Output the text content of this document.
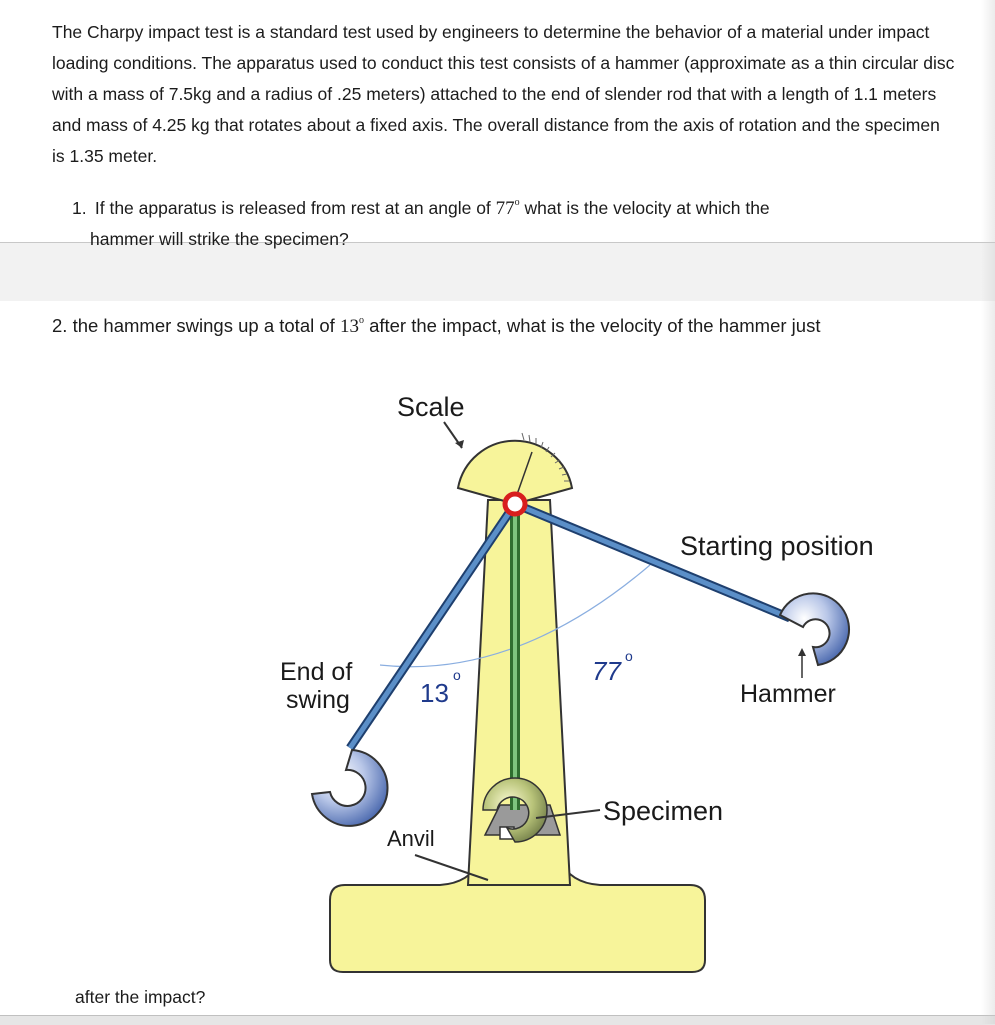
The Charpy impact test is a standard test used by engineers to determine the behavior of a material under impact loading conditions. The apparatus used to conduct this test consists of a hammer (approximate as a thin circular disc with a mass of 7.5kg and a radius of .25 meters) attached to the end of slender rod that with a length of 1.1 meters and mass of 4.25 kg that rotates about a fixed axis. The overall distance from the axis of rotation and the specimen is 1.35 meter.

1. If the apparatus is released from rest at an angle of 77$^o$ what is the velocity at which the
hammer will strike the specimen?

2. the hammer swings up a total of 13$^o$ after the impact, what is the velocity of the hammer just

after the impact?

Scale
Starting position
End of
swing	13
o	77 o
Hammer
Specimen
Anvil
